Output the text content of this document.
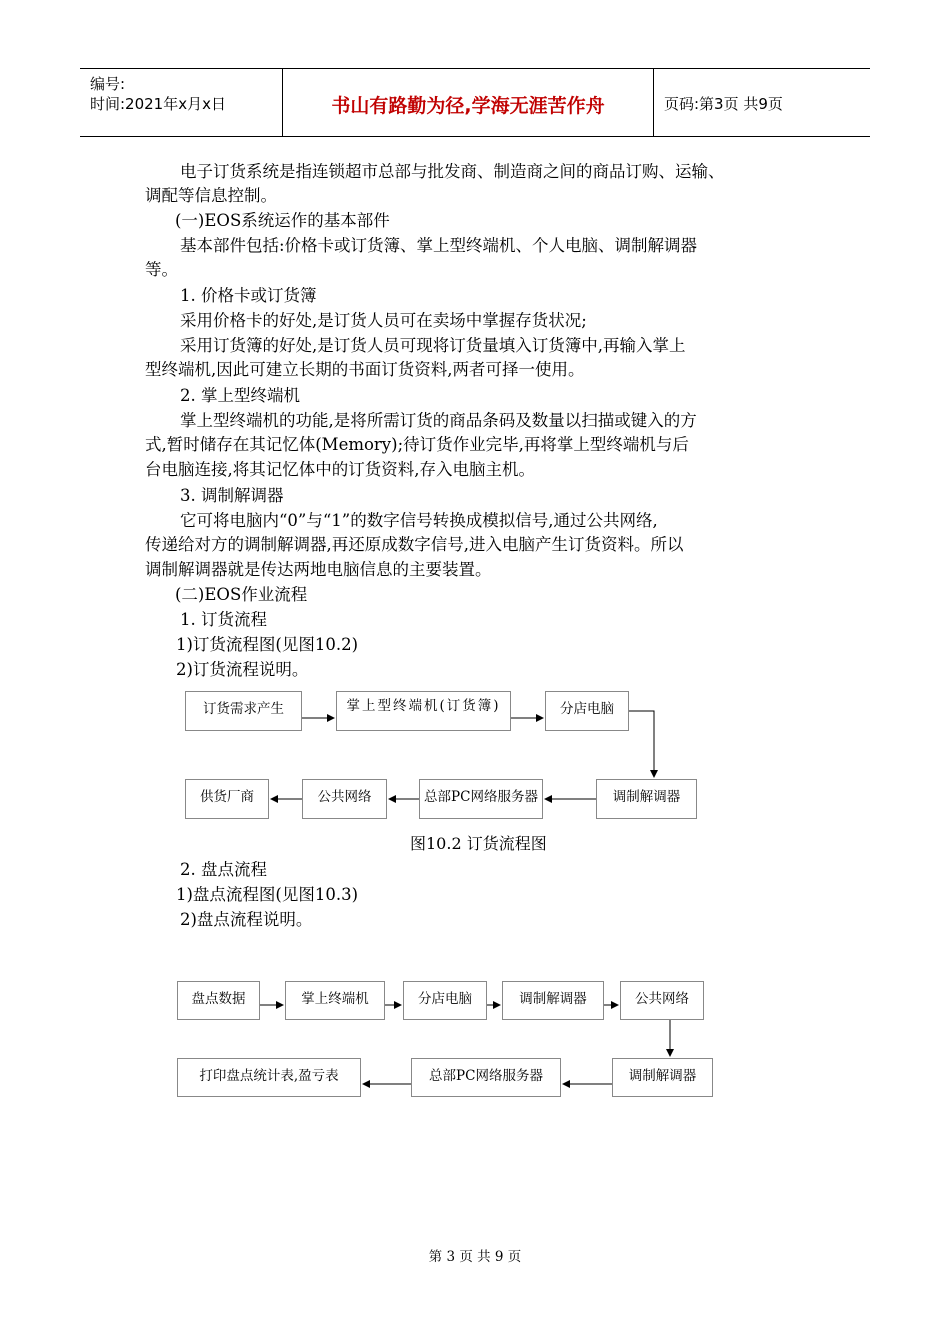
编号:
时间:2021年x月x日	书山有路勤为径,学海无涯苦作舟	页码:第3页 共9页
电子订货系统是指连锁超市总部与批发商、制造商之间的商品订购、运输、
调配等信息控制。
(一)EOS系统运作的基本部件
基本部件包括:价格卡或订货簿、掌上型终端机、个人电脑、调制解调器
等。
1. 价格卡或订货簿
采用价格卡的好处,是订货人员可在卖场中掌握存货状况;
采用订货簿的好处,是订货人员可现将订货量填入订货簿中,再输入掌上
型终端机,因此可建立长期的书面订货资料,两者可择一使用。
2. 掌上型终端机
掌上型终端机的功能,是将所需订货的商品条码及数量以扫描或键入的方
式,暂时储存在其记忆体(Memory);待订货作业完毕,再将掌上型终端机与后
台电脑连接,将其记忆体中的订货资料,存入电脑主机。
3. 调制解调器
它可将电脑内“0”与“1”的数字信号转换成模拟信号,通过公共网络,
传递给对方的调制解调器,再还原成数字信号,进入电脑产生订货资料。所以
调制解调器就是传达两地电脑信息的主要装置。
(二)EOS作业流程
1. 订货流程
1)订货流程图(见图10.2)
2)订货流程说明。
订货需求产生	掌上型终端机(订货簿)	分店电脑
调制解调器
总部PC网络服务器
公共网络
供货厂商
图10.2 订货流程图
2. 盘点流程
1)盘点流程图(见图10.3)
2)盘点流程说明。
盘点数据	掌上终端机	分店电脑	调制解调器	公共网络
调制解调器
总部PC网络服务器
打印盘点统计表,盈亏表
第 3 页 共 9 页
